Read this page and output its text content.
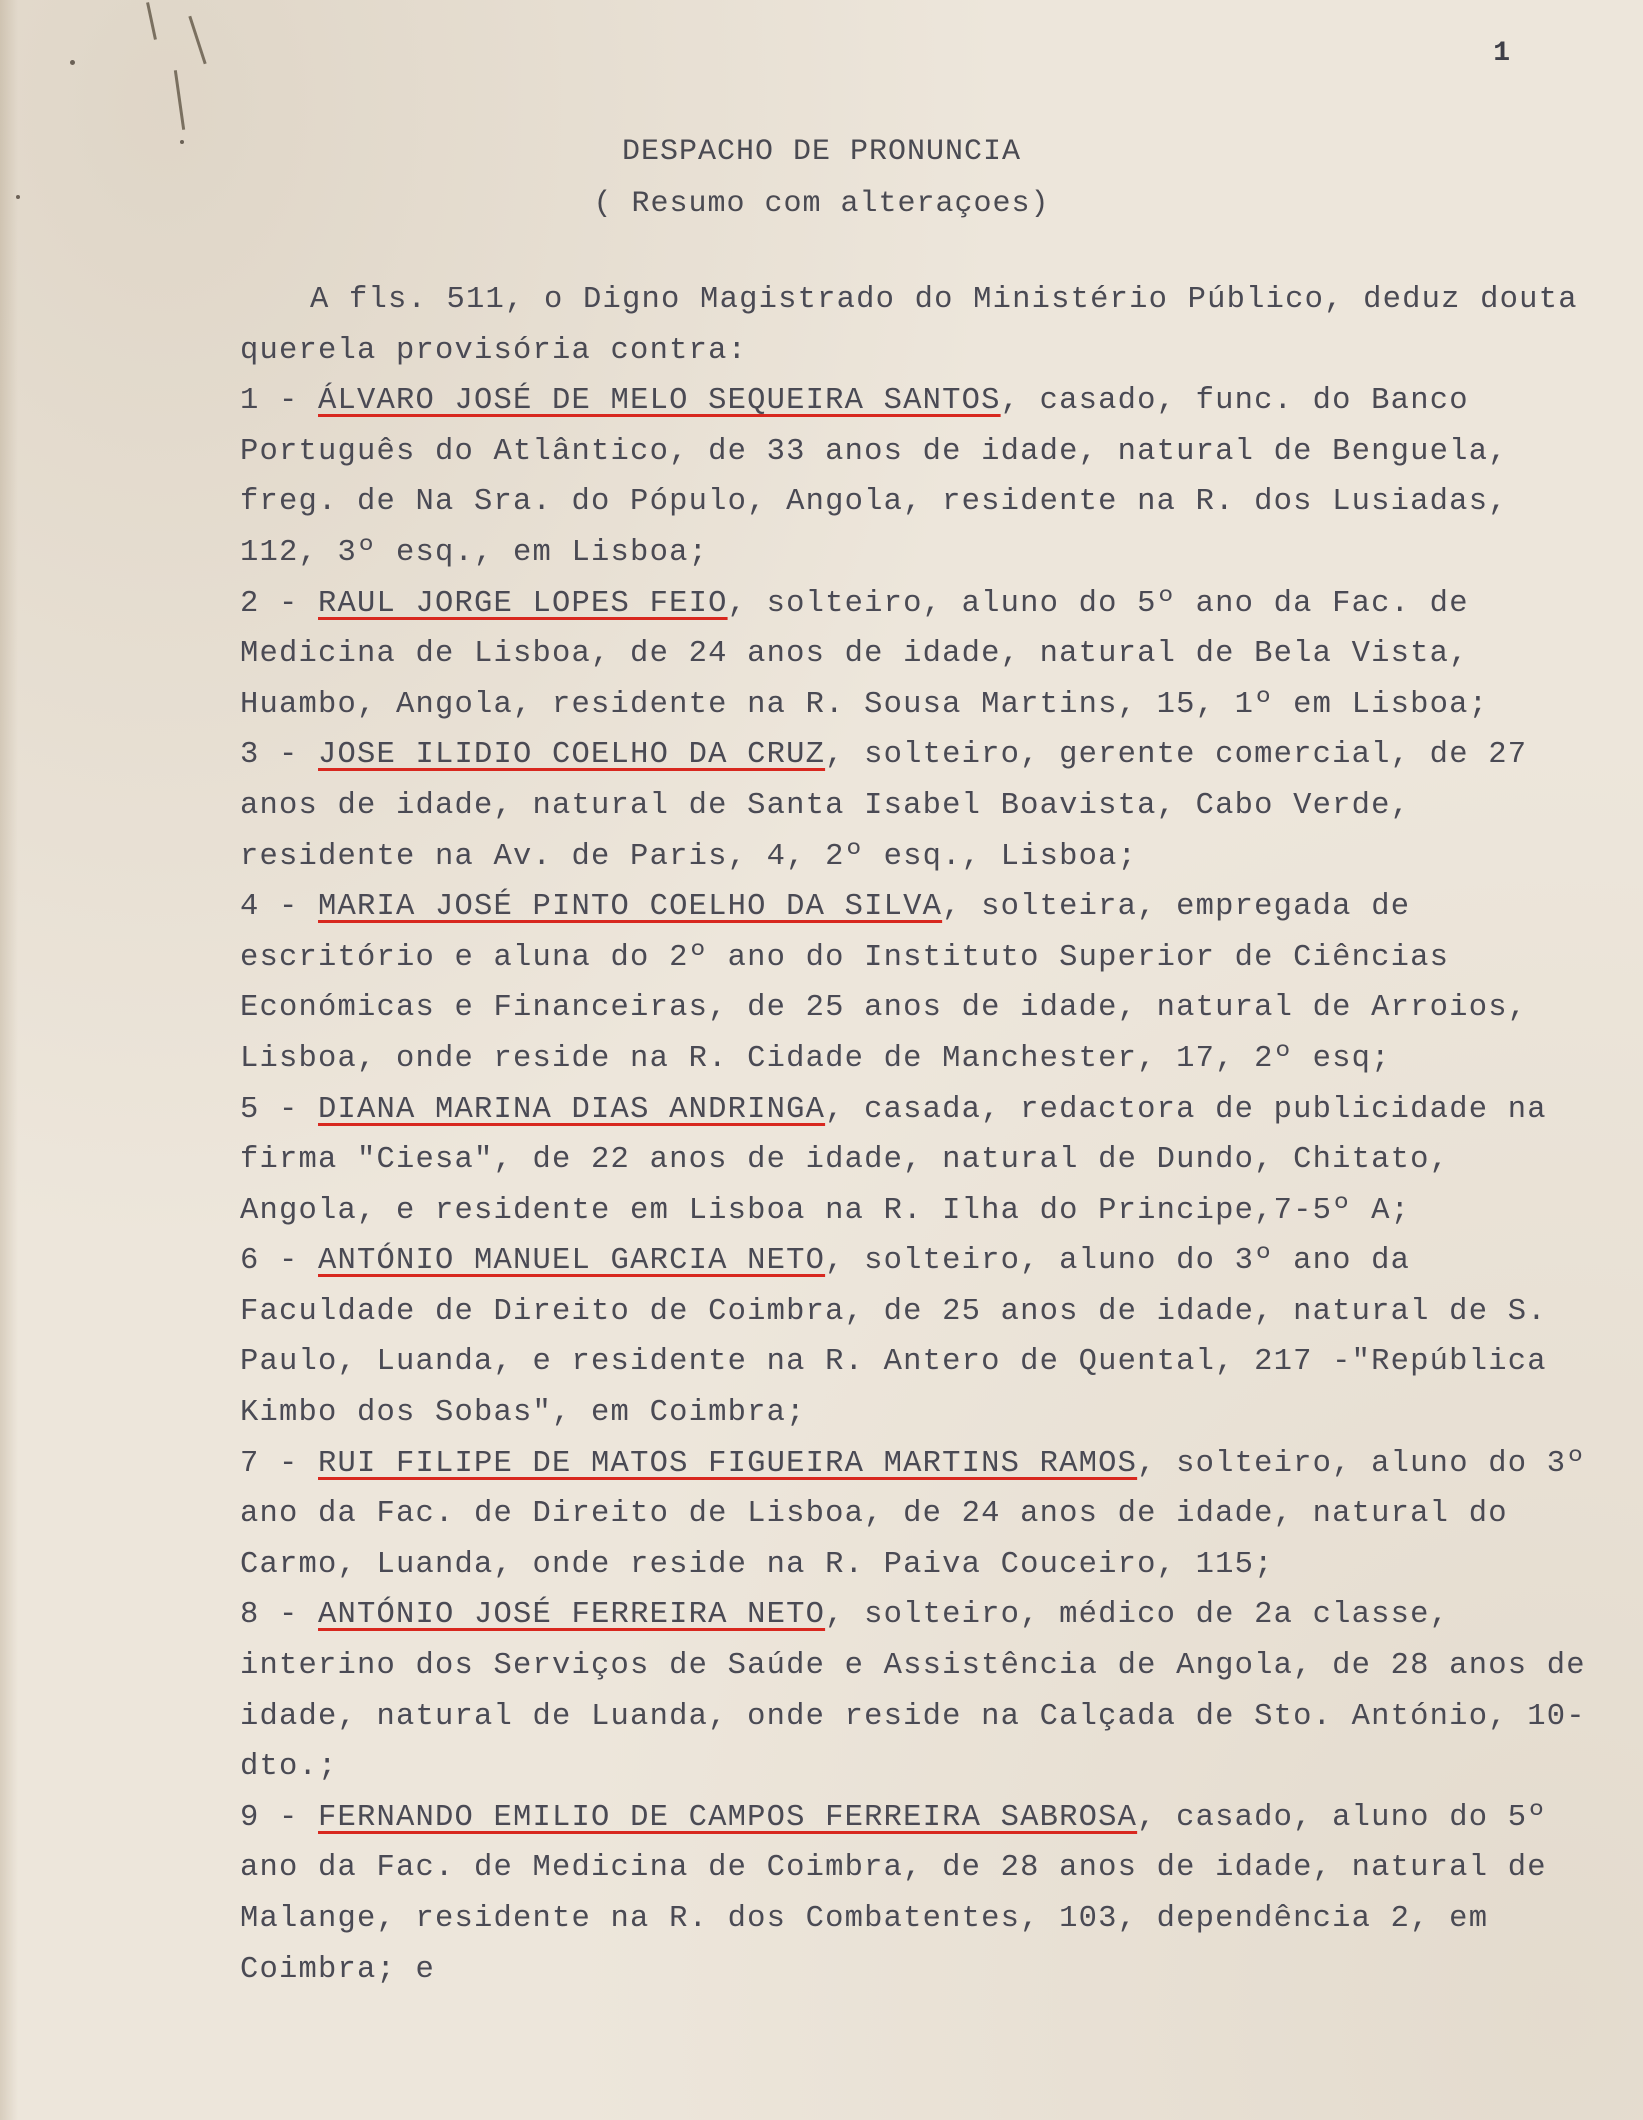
1
DESPACHO DE PRONUNCIA
( Resumo com alteraçoes)

A fls. 511, o Digno Magistrado do Ministério Público, deduz douta querela provisória contra:

1 - ÁLVARO JOSÉ DE MELO SEQUEIRA SANTOS, casado, func. do Banco Português do Atlântico, de 33 anos de idade, natural de Benguela, freg. de Na Sra. do Pópulo, Angola, residente na R. dos Lusiadas, 112, 3º esq., em Lisboa;

2 - RAUL JORGE LOPES FEIO, solteiro, aluno do 5º ano da Fac. de Medicina de Lisboa, de 24 anos de idade, natural de Bela Vista, Huambo, Angola, residente na R. Sousa Martins, 15, 1º em Lisboa;

3 - JOSE ILIDIO COELHO DA CRUZ, solteiro, gerente comercial, de 27 anos de idade, natural de Santa Isabel Boavista, Cabo Verde, residente na Av. de Paris, 4, 2º esq., Lisboa;

4 - MARIA JOSÉ PINTO COELHO DA SILVA, solteira, empregada de escritório e aluna do 2º ano do Instituto Superior de Ciências Económicas e Financeiras, de 25 anos de idade, natural de Arroios, Lisboa, onde reside na R. Cidade de Manchester, 17, 2º esq;

5 - DIANA MARINA DIAS ANDRINGA, casada, redactora de publicidade na firma "Ciesa", de 22 anos de idade, natural de Dundo, Chitato, Angola, e residente em Lisboa na R. Ilha do Principe,7-5º A;

6 - ANTÓNIO MANUEL GARCIA NETO, solteiro, aluno do 3º ano da Faculdade de Direito de Coimbra, de 25 anos de idade, natural de S. Paulo, Luanda, e residente na R. Antero de Quental, 217 -"República Kimbo dos Sobas", em Coimbra;

7 - RUI FILIPE DE MATOS FIGUEIRA MARTINS RAMOS, solteiro, aluno do 3º ano da Fac. de Direito de Lisboa, de 24 anos de idade, natural do Carmo, Luanda, onde reside na R. Paiva Couceiro, 115;

8 - ANTÓNIO JOSÉ FERREIRA NETO, solteiro, médico de 2a classe, interino dos Serviços de Saúde e Assistência de Angola, de 28 anos de idade, natural de Luanda, onde reside na Calçada de Sto. António, 10-dto.;

9 - FERNANDO EMILIO DE CAMPOS FERREIRA SABROSA, casado, aluno do 5º ano da Fac. de Medicina de Coimbra, de 28 anos de idade, natural de Malange, residente na R. dos Combatentes, 103, dependência 2, em Coimbra; e
